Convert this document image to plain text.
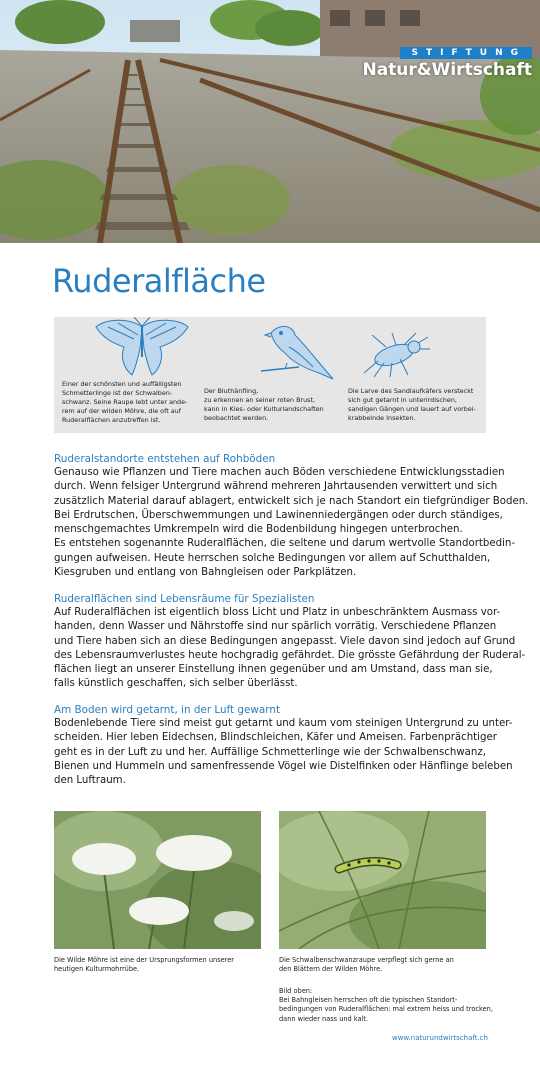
STIFTUNG
Natur&Wirtschaft
Ruderalfläche
Einer der schönsten und auffälligsten
Schmetterlinge ist der Schwalben-
schwanz. Seine Raupe lebt unter ande-
rem auf der wilden Möhre, die oft auf
Ruderalflächen anzutreffen ist.
Der Bluthänfling,
zu erkennen an seiner roten Brust,
kann in Kies- oder Kulturlandschaften
beobachtet werden.
Die Larve des Sandlaufkäfers versteckt
sich gut getarnt in unterirdischen,
sandigen Gängen und lauert auf vorbei-
krabbelnde Insekten.
Ruderalstandorte entstehen auf Rohböden
Genauso wie Pflanzen und Tiere machen auch Böden verschiedene Entwicklungsstadien
durch. Wenn felsiger Untergrund während mehreren Jahrtausenden verwittert und sich
zusätzlich Material darauf ablagert, entwickelt sich je nach Standort ein tiefgründiger Boden.
Bei Erdrutschen, Überschwemmungen und Lawinenniedergängen oder durch ständiges,
menschgemachtes Umkrempeln wird die Bodenbildung hingegen unterbrochen.
Es entstehen sogenannte Ruderalflächen, die seltene und darum wertvolle Standortbedin-
gungen aufweisen. Heute herrschen solche Bedingungen vor allem auf Schutthalden,
Kiesgruben und entlang von Bahngleisen oder Parkplätzen.
Ruderalflächen sind Lebensräume für Spezialisten
Auf Ruderalflächen ist eigentlich bloss Licht und Platz in unbeschränktem Ausmass vor-
handen, denn Wasser und Nährstoffe sind nur spärlich vorrätig. Verschiedene Pflanzen
und Tiere haben sich an diese Bedingungen angepasst. Viele davon sind jedoch auf Grund
des Lebensraumverlustes heute hochgradig gefährdet. Die grösste Gefährdung der Ruderal-
flächen liegt an unserer Einstellung ihnen gegenüber und am Umstand, dass man sie,
falls künstlich geschaffen, sich selber überlässt.
Am Boden wird getarnt, in der Luft gewarnt
Bodenlebende Tiere sind meist gut getarnt und kaum vom steinigen Untergrund zu unter-
scheiden. Hier leben Eidechsen, Blindschleichen, Käfer und Ameisen. Farbenprächtiger
geht es in der Luft zu und her. Auffällige Schmetterlinge wie der Schwalbenschwanz,
Bienen und Hummeln und samenfressende Vögel wie Distelfinken oder Hänflinge beleben
den Luftraum.
Die Wilde Möhre ist eine der Ursprungsformen unserer
heutigen Kulturmohrrübe.
Die Schwalbenschwanzraupe verpflegt sich gerne an
den Blättern der Wilden Möhre.
Bild oben:
Bei Bahngleisen herrschen oft die typischen Standort-
bedingungen von Ruderalflächen: mal extrem heiss und trocken,
dann wieder nass und kalt.
www.naturundwirtschaft.ch
